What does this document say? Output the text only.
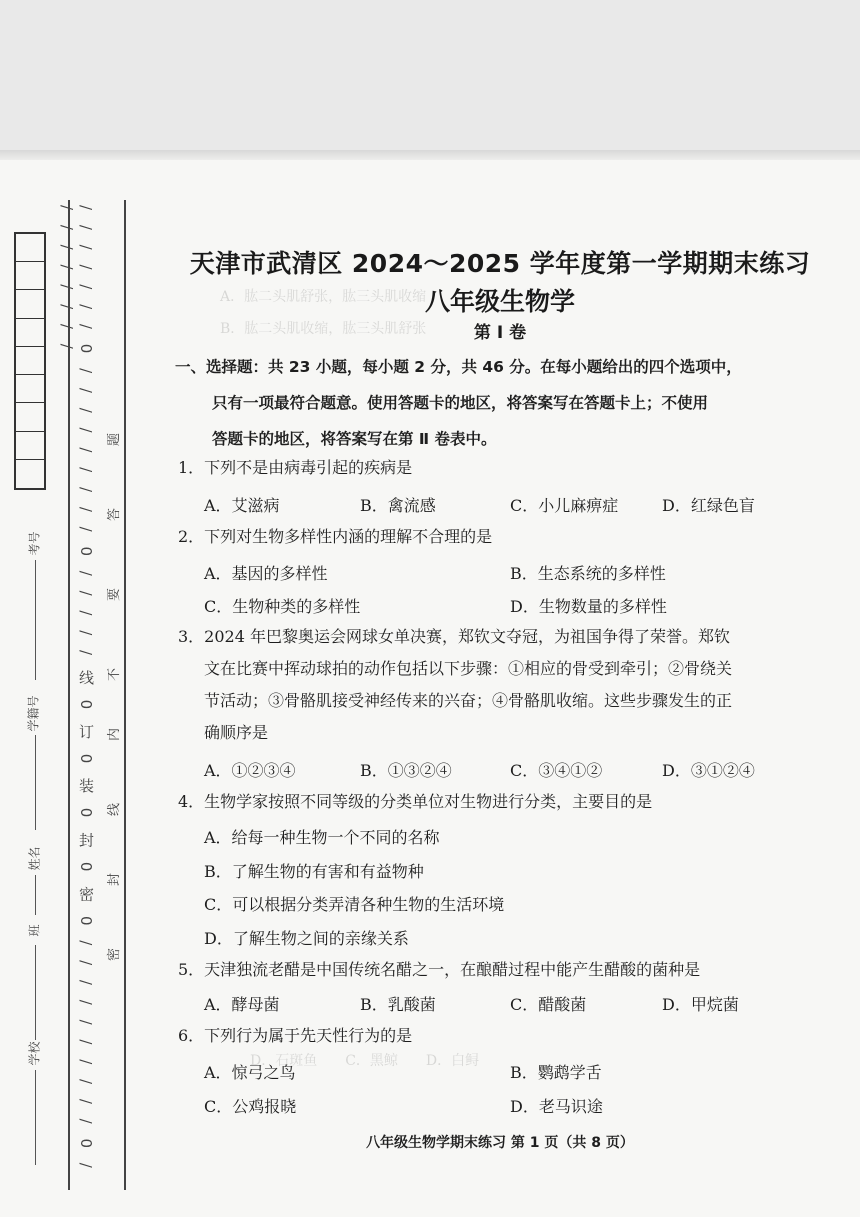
/ / / / / / / 0 / / / / / / / / / 0 / / / / / 线 0 订 0 装 0 封 0 密 0 / / / / / / / / / / 0 / / / / / / / / /
考号
学籍号
姓名
班
学校
题
答
要
不
内
线
封
密
A．肱二头肌舒张，肱三头肌收缩
B．肱二头肌收缩，肱三头肌舒张
D．石斑鱼　　C．黑鲸　　D．白鲟
天津市武清区 2024～2025 学年度第一学期期末练习
八年级生物学
第 Ⅰ 卷
一、选择题：共 23 小题，每小题 2 分，共 46 分。在每小题给出的四个选项中，
只有一项最符合题意。使用答题卡的地区，将答案写在答题卡上；不使用
答题卡的地区，将答案写在第 Ⅱ 卷表中。
1．下列不是由病毒引起的疾病是
A．艾滋病	B．禽流感	C．小儿麻痹症	D．红绿色盲
2．下列对生物多样性内涵的理解不合理的是
A．基因的多样性	B．生态系统的多样性
C．生物种类的多样性	D．生物数量的多样性
3．2024 年巴黎奥运会网球女单决赛，郑钦文夺冠，为祖国争得了荣誉。郑钦
文在比赛中挥动球拍的动作包括以下步骤：①相应的骨受到牵引；②骨绕关
节活动；③骨骼肌接受神经传来的兴奋；④骨骼肌收缩。这些步骤发生的正
确顺序是
A．①②③④	B．①③②④	C．③④①②	D．③①②④
4．生物学家按照不同等级的分类单位对生物进行分类，主要目的是
A．给每一种生物一个不同的名称
B．了解生物的有害和有益物种
C．可以根据分类弄清各种生物的生活环境
D．了解生物之间的亲缘关系
5．天津独流老醋是中国传统名醋之一，在酿醋过程中能产生醋酸的菌种是
A．酵母菌	B．乳酸菌	C．醋酸菌	D．甲烷菌
6．下列行为属于先天性行为的是
A．惊弓之鸟	B．鹦鹉学舌
C．公鸡报晓	D．老马识途
八年级生物学期末练习 第 1 页（共 8 页）
